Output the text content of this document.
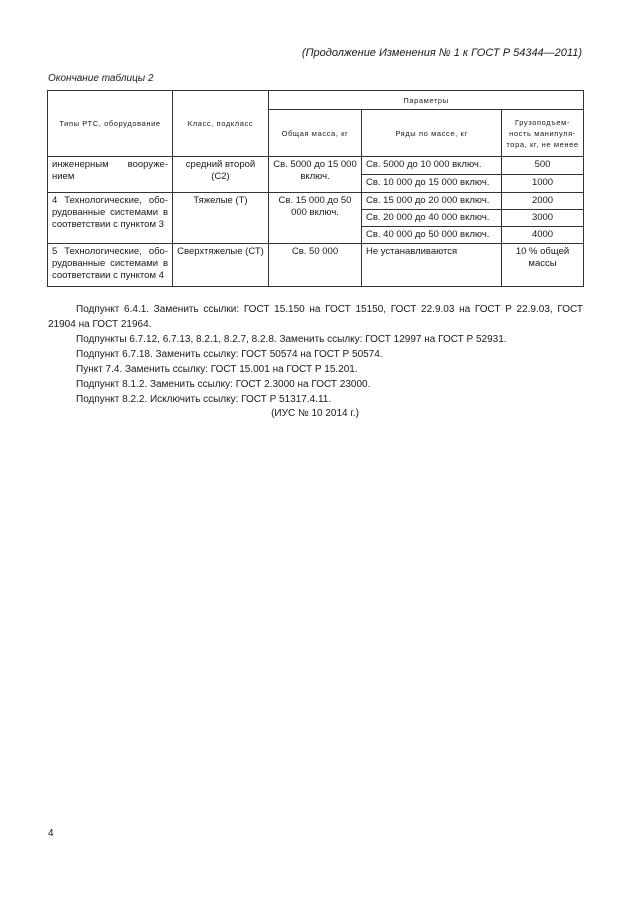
(Продолжение Изменения № 1 к ГОСТ Р 54344—2011)
Окончание таблицы 2
Типы РТС, оборудование	Класс, подкласс	Параметры		
		Общая масса, кг	Ряды по массе, кг	Грузоподъем-ность манипуля-тора, кг, не менее
инженерным вооруже-нием	средний второй (С2)	Св. 5000 до 15 000 включ.	Св. 5000 до 10 000 включ.	500
			Св. 10 000 до 15 000 включ.	1000
4 Технологические, обо-рудованные системами в соответствии с пунктом 3	Тяжелые (Т)	Св. 15 000 до 50 000 включ.	Св. 15 000 до 20 000 включ.	2000
			Св. 20 000 до 40 000 включ.	3000
			Св. 40 000 до 50 000 включ.	4000
5 Технологические, обо-рудованные системами в соответствии с пунктом 4	Сверхтяжелые (СТ)	Св. 50 000	Не устанавливаются	10 % общей массы

Подпункт 6.4.1. Заменить ссылки: ГОСТ 15.150 на ГОСТ 15150, ГОСТ 22.9.03 на ГОСТ Р 22.9.03, ГОСТ 21904 на ГОСТ 21964.

Подпункты 6.7.12, 6.7.13, 8.2.1, 8.2.7, 8.2.8. Заменить ссылку: ГОСТ 12997 на ГОСТ Р 52931.

Подпункт 6.7.18. Заменить ссылку: ГОСТ 50574 на ГОСТ Р 50574.

Пункт 7.4. Заменить ссылку: ГОСТ 15.001 на ГОСТ Р 15.201.

Подпункт 8.1.2. Заменить ссылку: ГОСТ 2.3000 на ГОСТ 23000.

Подпункт 8.2.2. Исключить ссылку: ГОСТ Р 51317.4.11.

(ИУС № 10 2014 г.)
4
